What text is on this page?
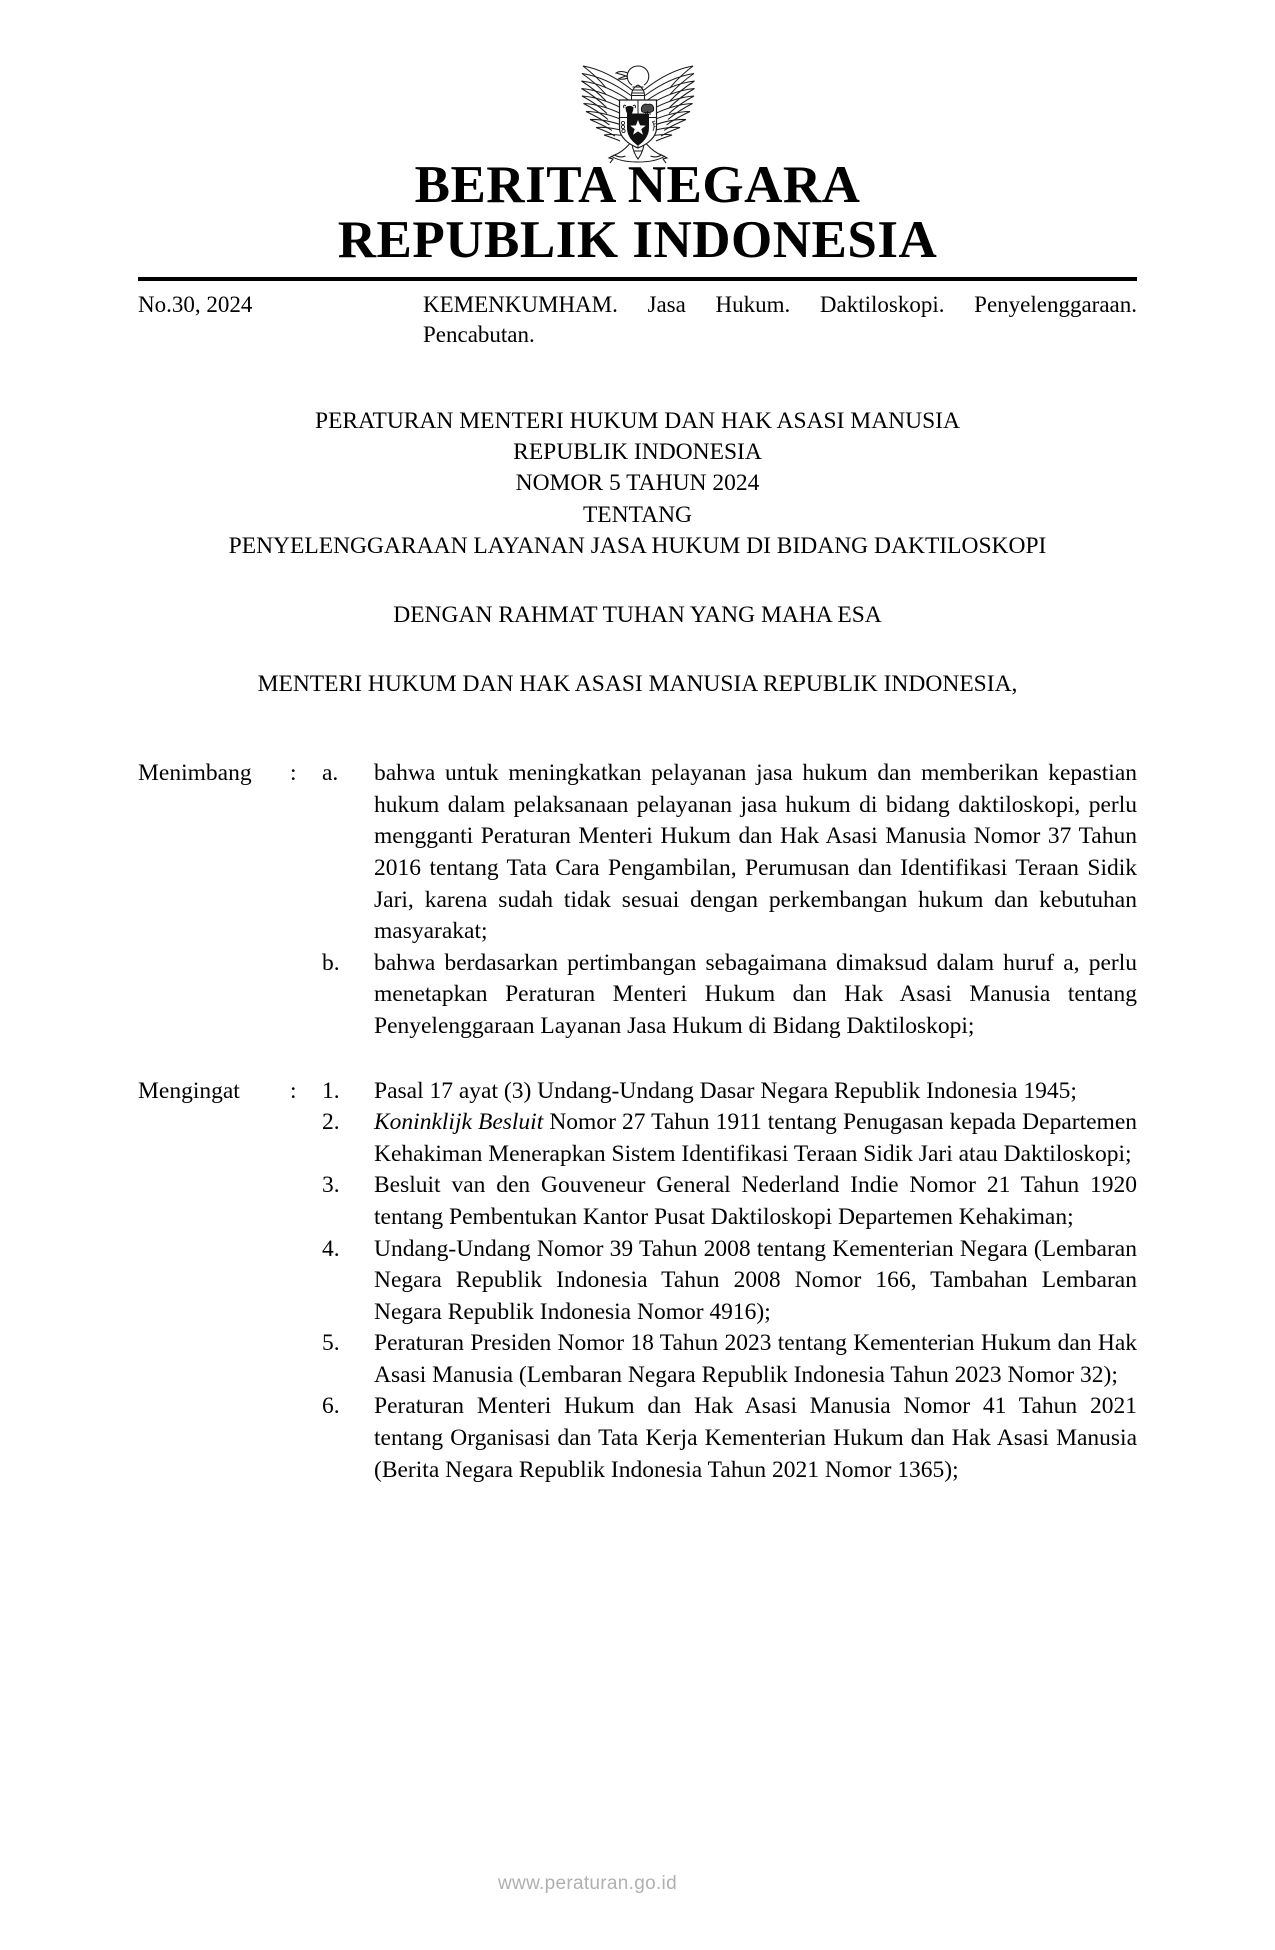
BERITA NEGARA
REPUBLIK INDONESIA
No.30, 2024	KEMENKUMHAM. Jasa Hukum. Daktiloskopi. Penyelenggaraan. Pencabutan.
PERATURAN MENTERI HUKUM DAN HAK ASASI MANUSIA
REPUBLIK INDONESIA
NOMOR 5 TAHUN 2024
TENTANG
PENYELENGGARAAN LAYANAN JASA HUKUM DI BIDANG DAKTILOSKOPI
DENGAN RAHMAT TUHAN YANG MAHA ESA
MENTERI HUKUM DAN HAK ASASI MANUSIA REPUBLIK INDONESIA,
Menimbang	:	a.	bahwa untuk meningkatkan pelayanan jasa hukum dan memberikan kepastian hukum dalam pelaksanaan pelayanan jasa hukum di bidang daktiloskopi, perlu mengganti Peraturan Menteri Hukum dan Hak Asasi Manusia Nomor 37 Tahun 2016 tentang Tata Cara Pengambilan, Perumusan dan Identifikasi Teraan Sidik Jari, karena sudah tidak sesuai dengan perkembangan hukum dan kebutuhan masyarakat;
b.	bahwa berdasarkan pertimbangan sebagaimana dimaksud dalam huruf a, perlu menetapkan Peraturan Menteri Hukum dan Hak Asasi Manusia tentang Penyelenggaraan Layanan Jasa Hukum di Bidang Daktiloskopi;
Mengingat	:	1.	Pasal 17 ayat (3) Undang-Undang Dasar Negara Republik Indonesia 1945;
2.	Koninklijk Besluit Nomor 27 Tahun 1911 tentang Penugasan kepada Departemen Kehakiman Menerapkan Sistem Identifikasi Teraan Sidik Jari atau Daktiloskopi;
3.	Besluit van den Gouveneur General Nederland Indie Nomor 21 Tahun 1920 tentang Pembentukan Kantor Pusat Daktiloskopi Departemen Kehakiman;
4.	Undang-Undang Nomor 39 Tahun 2008 tentang Kementerian Negara (Lembaran Negara Republik Indonesia Tahun 2008 Nomor 166, Tambahan Lembaran Negara Republik Indonesia Nomor 4916);
5.	Peraturan Presiden Nomor 18 Tahun 2023 tentang Kementerian Hukum dan Hak Asasi Manusia (Lembaran Negara Republik Indonesia Tahun 2023 Nomor 32);
6.	Peraturan Menteri Hukum dan Hak Asasi Manusia Nomor 41 Tahun 2021 tentang Organisasi dan Tata Kerja Kementerian Hukum dan Hak Asasi Manusia (Berita Negara Republik Indonesia Tahun 2021 Nomor 1365);
www.peraturan.go.id
